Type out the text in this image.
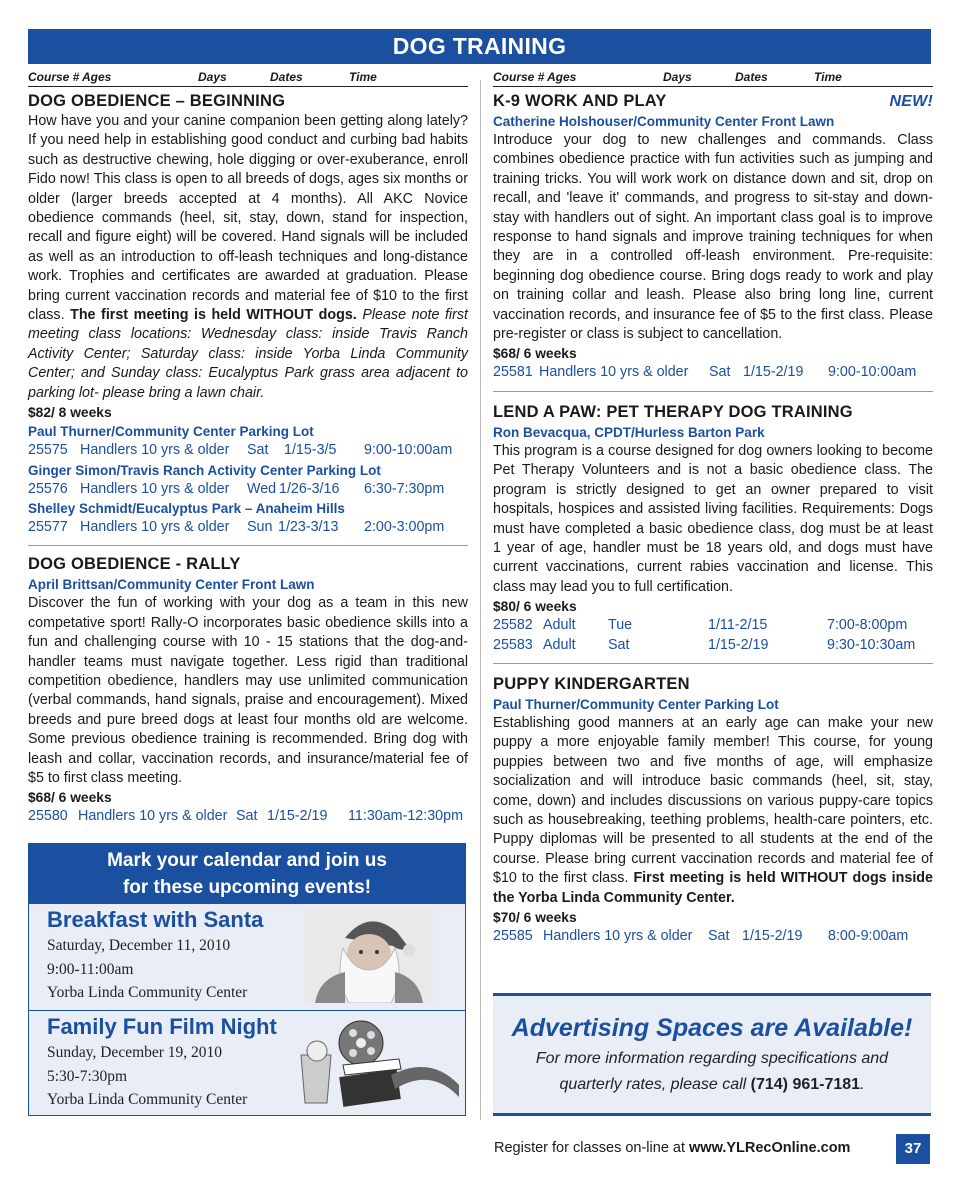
DOG TRAINING
Course # Ages	Days	Dates	Time
DOG OBEDIENCE – BEGINNING

How have you and your canine companion been getting along lately? If you need help in establishing good conduct and curbing bad habits such as destructive chewing, hole digging or over-exuberance, enroll Fido now! This class is open to all breeds of dogs, ages six months or older (larger breeds accepted at 4 months). All AKC Novice obedience commands (heel, sit, stay, down, stand for inspection, recall and figure eight) will be covered. Hand signals will be included as well as an introduction to off-leash techniques and long-distance work. Trophies and certificates are awarded at graduation. Please bring current vaccination records and material fee of $10 to the first class. The first meeting is held WITHOUT dogs. Please note first meeting class locations: Wednesday class: inside Travis Ranch Activity Center; Saturday class: inside Yorba Linda Community Center; and Sunday class: Eucalyptus Park grass area adjacent to parking lot- please bring a lawn chair.

$82/ 8 weeks
Paul Thurner/Community Center Parking Lot
25575 Handlers 10 yrs & older Sat 1/15-3/5 9:00-10:00am
Ginger Simon/Travis Ranch Activity Center Parking Lot
25576 Handlers 10 yrs & older Wed 1/26-3/16 6:30-7:30pm
Shelley Schmidt/Eucalyptus Park – Anaheim Hills
25577 Handlers 10 yrs & older Sun 1/23-3/13 2:00-3:00pm
DOG OBEDIENCE - RALLY
April Brittsan/Community Center Front Lawn

Discover the fun of working with your dog as a team in this new competative sport! Rally-O incorporates basic obedience skills into a fun and challenging course with 10 - 15 stations that the dog-and-handler teams must navigate together. Less rigid than traditional competition obedience, handlers may use unlimited communication (verbal commands, hand signals, praise and encouragement). Mixed breeds and pure breed dogs at least four months old are welcome. Some previous obedience training is recommended. Bring dog with leash and collar, vaccination records, and insurance/material fee of $5 to first class meeting.

$68/ 6 weeks
25580 Handlers 10 yrs & older Sat 1/15-2/19 11:30am-12:30pm
Mark your calendar and join us
for these upcoming events!
Breakfast with Santa
Saturday, December 11, 2010
9:00-11:00am
Yorba Linda Community Center
Family Fun Film Night
Sunday, December 19, 2010
5:30-7:30pm
Yorba Linda Community Center
Course # Ages	Days	Dates	Time
K-9 WORK AND PLAY	NEW!
Catherine Holshouser/Community Center Front Lawn

Introduce your dog to new challenges and commands. Class combines obedience practice with fun activities such as jumping and training tricks. You will work work on distance down and sit, drop on recall, and 'leave it' commands, and progress to sit-stay and down-stay with handlers out of sight. An important class goal is to improve response to hand signals and improve training techniques for when they are in a controlled off-leash environment. Pre-requisite: beginning dog obedience course. Bring dogs ready to work and play on training collar and leash. Please also bring long line, current vaccination records, and insurance fee of $5 to the first class. Please pre-register or class is subject to cancellation.

$68/ 6 weeks
25581 Handlers 10 yrs & older Sat 1/15-2/19 9:00-10:00am
LEND A PAW: PET THERAPY DOG TRAINING
Ron Bevacqua, CPDT/Hurless Barton Park

This program is a course designed for dog owners looking to become Pet Therapy Volunteers and is not a basic obedience class. The program is strictly designed to get an owner prepared to visit hospitals, hospices and assisted living facilities. Requirements: Dogs must have completed a basic obedience class, dog must be at least 1 year of age, handler must be 18 years old, and dogs must have current vaccinations, current rabies vaccination and license. This class may lead you to full certification.

$80/ 6 weeks
25582 Adult Tue	1/11-2/15	7:00-8:00pm
25583 Adult Sat	1/15-2/19	9:30-10:30am
PUPPY KINDERGARTEN
Paul Thurner/Community Center Parking Lot

Establishing good manners at an early age can make your new puppy a more enjoyable family member! This course, for young puppies between two and five months of age, will emphasize socialization and will introduce basic commands (heel, sit, stay, come, down) and includes discussions on various puppy-care topics such as housebreaking, teething problems, health-care pointers, etc. Puppy diplomas will be presented to all students at the end of the course. Please bring current vaccination records and material fee of $10 to the first class. First meeting is held WITHOUT dogs inside the Yorba Linda Community Center.

$70/ 6 weeks
25585 Handlers 10 yrs & older Sat 1/15-2/19 8:00-9:00am
Advertising Spaces are Available!
For more information regarding specifications and
quarterly rates, please call (714) 961-7181.
Register for classes on-line at www.YLRecOnline.com	37
